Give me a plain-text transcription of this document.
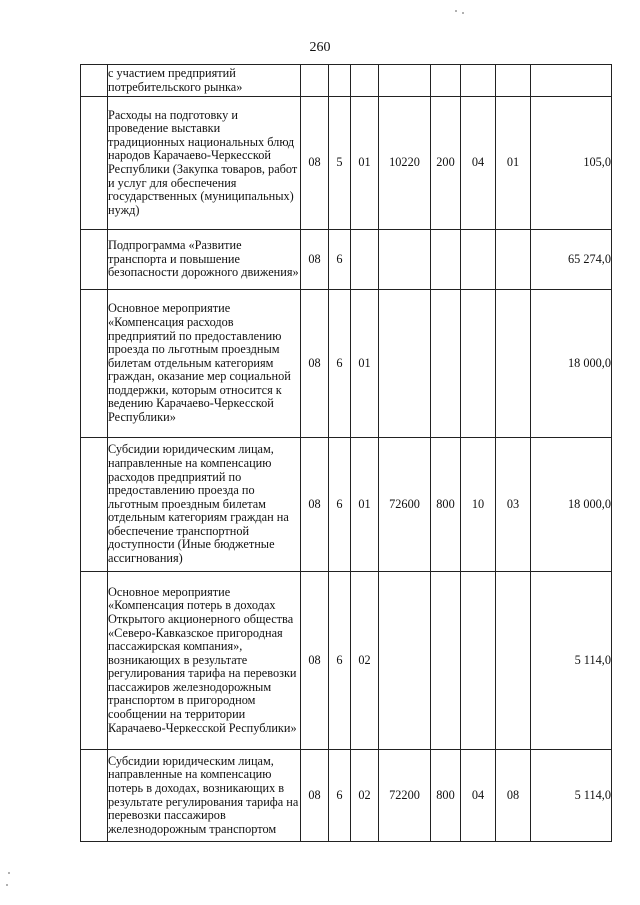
260
	с участием предприятий потребительского рынка»								
	Расходы на подготовку и проведение выставки традиционных национальных блюд народов Карачаево-Черкесской Республики (Закупка товаров, работ и услуг для обеспечения государственных (муниципальных) нужд)	08	5	01	10220	200	04	01	105,0
	Подпрограмма «Развитие транспорта и повышение безопасности дорожного движения»	08	6						65 274,0
	Основное мероприятие «Компенсация расходов предприятий по предоставлению проезда по льготным проездным билетам отдельным категориям граждан, оказание мер социальной поддержки, которым относится к ведению Карачаево-Черкесской Республики»	08	6	01					18 000,0
	Субсидии юридическим лицам, направленные на компенсацию расходов предприятий по предоставлению проезда по льготным проездным билетам отдельным категориям граждан на обеспечение транспортной доступности (Иные бюджетные ассигнования)	08	6	01	72600	800	10	03	18 000,0
	Основное мероприятие «Компенсация потерь в доходах Открытого акционерного общества «Северо-Кавказское пригородная пассажирская компания», возникающих в результате регулирования тарифа на перевозки пассажиров железнодорожным транспортом в пригородном сообщении на территории Карачаево-Черкесской Республики»	08	6	02					5 114,0
	Субсидии юридическим лицам, направленные на компенсацию потерь в доходах, возникающих в результате регулирования тарифа на перевозки пассажиров железнодорожным транспортом	08	6	02	72200	800	04	08	5 114,0
